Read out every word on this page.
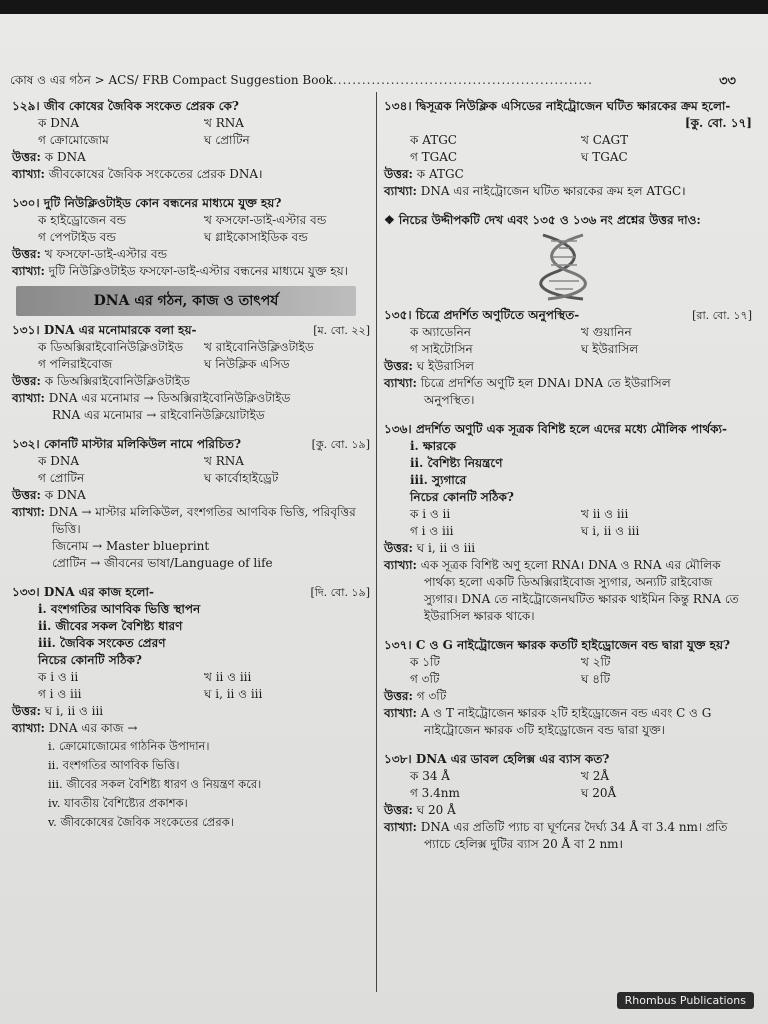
কোষ ও এর গঠন > ACS/ FRB Compact Suggestion Book......................................................	৩৩
১২৯। জীব কোষের জৈবিক সংকেত প্রেরক কে?
ক DNA	খ RNA
গ ক্রোমোজোম	ঘ প্রোটিন
উত্তর: ক DNA
ব্যাখ্যা: জীবকোষের জৈবিক সংকেতের প্রেরক DNA।
১৩০। দুটি নিউক্লিওটাইড কোন বন্ধনের মাধ্যমে যুক্ত হয়?
ক হাইড্রোজেন বন্ড	খ ফসফো-ডাই-এস্টার বন্ড
গ পেপটাইড বন্ড	ঘ গ্লাইকোসাইডিক বন্ড
উত্তর: খ ফসফো-ডাই-এস্টার বন্ড
ব্যাখ্যা: দুটি নিউক্লিওটাইড ফসফো-ডাই-এস্টার বন্ধনের মাধ্যমে যুক্ত হয়।
DNA এর গঠন, কাজ ও তাৎপর্য
[ম. বো. ২২]
১৩১। DNA এর মনোমারকে বলা হয়-
ক ডিঅক্সিরাইবোনিউক্লিওটাইড	খ রাইবোনিউক্লিওটাইড
গ পলিরাইবোজ	ঘ নিউক্লিক এসিড
উত্তর: ক ডিঅক্সিরাইবোনিউক্লিওটাইড
ব্যাখ্যা: DNA এর মনোমার → ডিঅক্সিরাইবোনিউক্লিওটাইড
RNA এর মনোমার → রাইবোনিউক্লিয়োটাইড
[কু. বো. ১৯]
১৩২। কোনটি মাস্টার মলিকিউল নামে পরিচিত?
ক DNA	খ RNA
গ প্রোটিন	ঘ কার্বোহাইড্রেট
উত্তর: ক DNA
ব্যাখ্যা: DNA → মাস্টার মলিকিউল, বংশগতির আণবিক ভিত্তি, পরিবৃত্তির
ভিত্তি।
জিনোম → Master blueprint
প্রোটিন → জীবনের ভাষা/Language of life
[দি. বো. ১৯]
১৩৩। DNA এর কাজ হলো-
i. বংশগতির আণবিক ভিত্তি স্থাপন
ii. জীবের সকল বৈশিষ্ট্য ধারণ
iii. জৈবিক সংকেত প্রেরণ
নিচের কোনটি সঠিক?
ক i ও ii	খ ii ও iii
গ i ও iii	ঘ i, ii ও iii
উত্তর: ঘ i, ii ও iii
ব্যাখ্যা: DNA এর কাজ →
i. ক্রোমোজোমের গাঠনিক উপাদান।
ii. বংশগতির আণবিক ভিত্তি।
iii. জীবের সকল বৈশিষ্ট্য ধারণ ও নিয়ন্ত্রণ করে।
iv. যাবতীয় বৈশিষ্ট্যের প্রকাশক।
v. জীবকোষের জৈবিক সংকেতের প্রেরক।
১৩৪। দ্বিসূত্রক নিউক্লিক এসিডের নাইট্রোজেন ঘটিত ক্ষারকের ক্রম হলো-
[কু. বো. ১৭]
ক ATGC	খ CAGT
গ TGAC	ঘ TGAC
উত্তর: ক ATGC
ব্যাখ্যা: DNA এর নাইট্রোজেন ঘটিত ক্ষারকের ক্রম হল ATGC।
❖ নিচের উদ্দীপকটি দেখ এবং ১৩৫ ও ১৩৬ নং প্রশ্নের উত্তর দাও:
[রা. বো. ১৭]
১৩৫। চিত্রে প্রদর্শিত অণুটিতে অনুপস্থিত-
ক অ্যাডেনিন	খ গুয়ানিন
গ সাইটোসিন	ঘ ইউরাসিল
উত্তর: ঘ ইউরাসিল
ব্যাখ্যা: চিত্রে প্রদর্শিত অণুটি হল DNA। DNA তে ইউরাসিল
অনুপস্থিত।
১৩৬। প্রদর্শিত অণুটি এক সূত্রক বিশিষ্ট হলে এদের মধ্যে মৌলিক পার্থক্য-
i. ক্ষারকে
ii. বৈশিষ্ট্য নিয়ন্ত্রণে
iii. স্যুগারে
নিচের কোনটি সঠিক?
ক i ও ii	খ ii ও iii
গ i ও iii	ঘ i, ii ও iii
উত্তর: ঘ i, ii ও iii
ব্যাখ্যা: এক সূত্রক বিশিষ্ট অণু হলো RNA। DNA ও RNA এর মৌলিক
পার্থক্য হলো একটি ডিঅক্সিরাইবোজ স্যুগার, অন্যটি রাইবোজ
স্যুগার। DNA তে নাইট্রোজেনঘটিত ক্ষারক থাইমিন কিন্তু RNA তে
ইউরাসিল ক্ষারক থাকে।
১৩৭। C ও G নাইট্রোজেন ক্ষারক কতটি হাইড্রোজেন বন্ড দ্বারা যুক্ত হয়?
ক ১টি	খ ২টি
গ ৩টি	ঘ ৪টি
উত্তর: গ ৩টি
ব্যাখ্যা: A ও T নাইট্রোজেন ক্ষারক ২টি হাইড্রোজেন বন্ড এবং C ও G
নাইট্রোজেন ক্ষারক ৩টি হাইড্রোজেন বন্ড দ্বারা যুক্ত।
১৩৮। DNA এর ডাবল হেলিক্স এর ব্যাস কত?
ক 34 Å	খ 2Å
গ 3.4nm	ঘ 20Å
উত্তর: ঘ 20 Å
ব্যাখ্যা: DNA এর প্রতিটি প্যাচ বা ঘূর্ণনের দৈর্ঘ্য 34 Å বা 3.4 nm। প্রতি
প্যাচে হেলিক্স দুটির ব্যাস 20 Å বা 2 nm।
Rhombus Publications
